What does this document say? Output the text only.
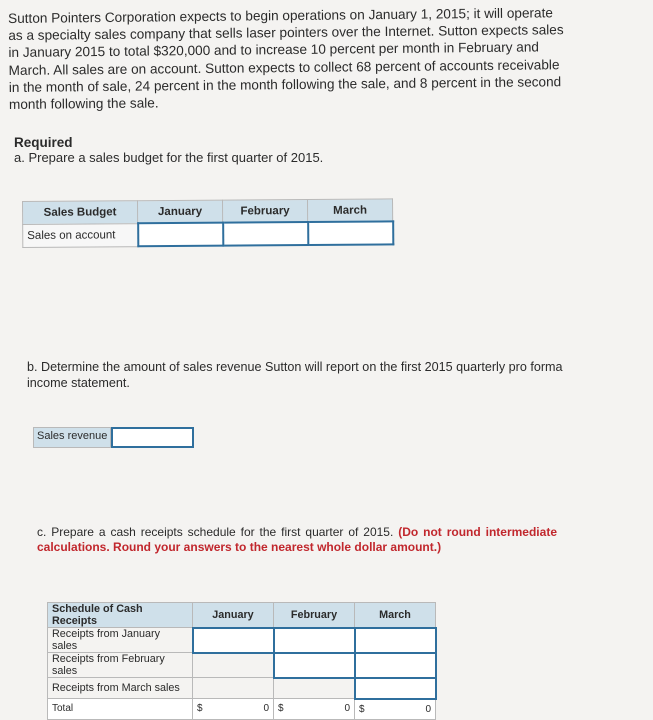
Sutton Pointers Corporation expects to begin operations on January 1, 2015; it will operate as a specialty sales company that sells laser pointers over the Internet. Sutton expects sales in January 2015 to total $320,000 and to increase 10 percent per month in February and March. All sales are on account. Sutton expects to collect 68 percent of accounts receivable in the month of sale, 24 percent in the month following the sale, and 8 percent in the second month following the sale.
Required
a. Prepare a sales budget for the first quarter of 2015.
Sales Budget	January	February	March
Sales on account			
b. Determine the amount of sales revenue Sutton will report on the first 2015 quarterly pro forma income statement.
Sales revenue
c. Prepare a cash receipts schedule for the first quarter of 2015. (Do not round intermediate calculations. Round your answers to the nearest whole dollar amount.)
Schedule of Cash Receipts	January	February	March
Receipts from January sales			
Receipts from February sales			
Receipts from March sales			
Total	$ 0	$ 0	$ 0
